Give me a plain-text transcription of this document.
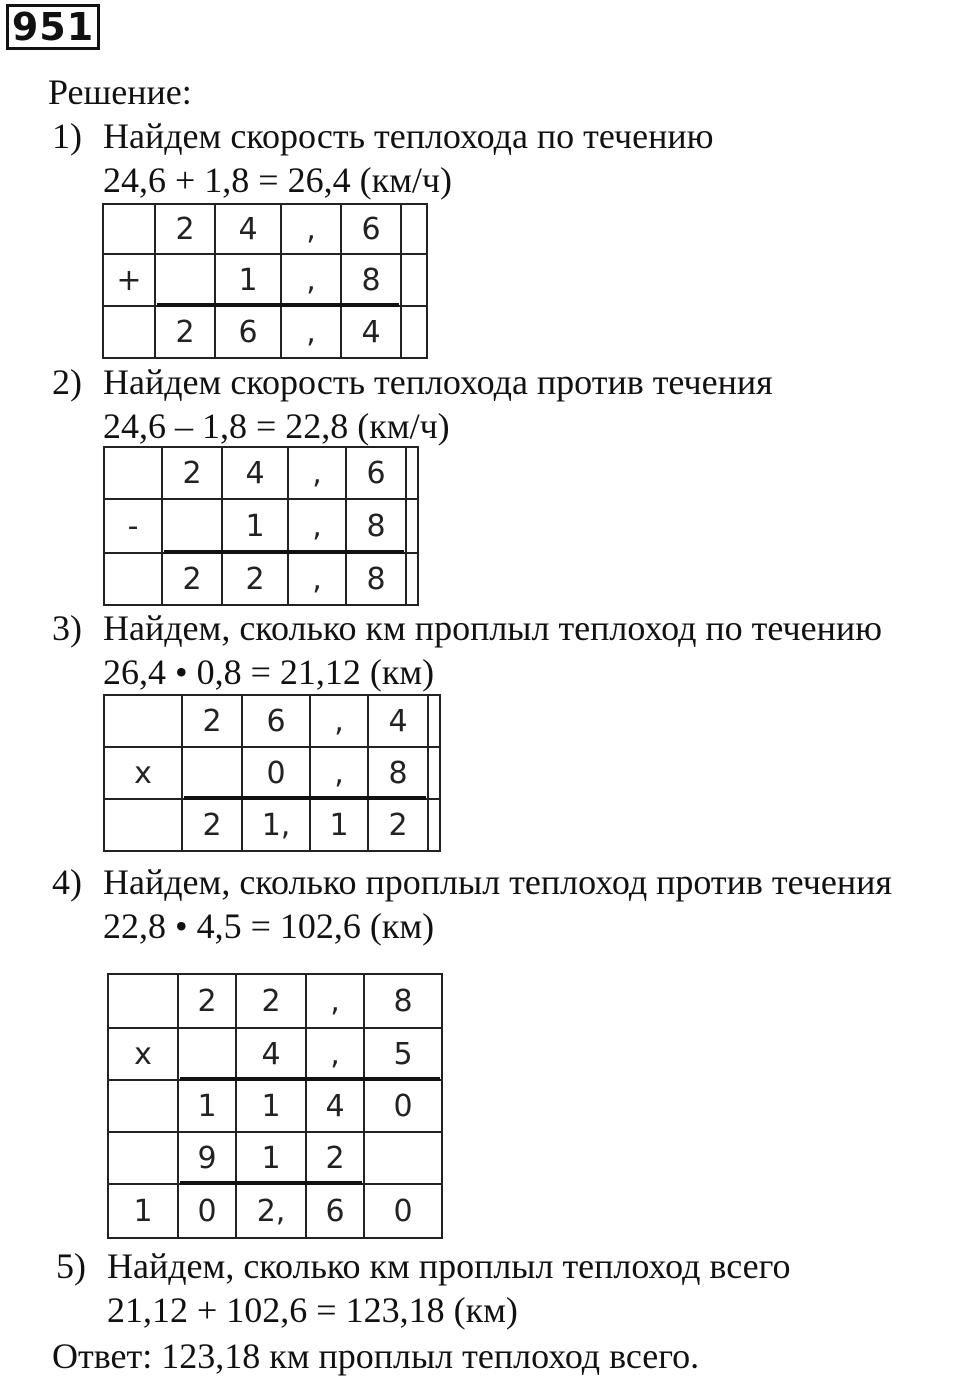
951
Решение:
1) Найдем скорость теплохода по течению
24,6 + 1,8 = 26,4 (км/ч)
	2	4	,	6	
+		1	,	8	
	2	6	,	4	
2) Найдем скорость теплохода против течения
24,6 – 1,8 = 22,8 (км/ч)
	2	4	,	6	
-		1	,	8	
	2	2	,	8	
3) Найдем, сколько км проплыл теплоход по течению
26,4 • 0,8 = 21,12 (км)
	2	6	,	4	
x		0	,	8	
	2	1,	1	2	
4) Найдем, сколько проплыл теплоход против течения
22,8 • 4,5 = 102,6 (км)
	2	2	,	8
x		4	,	5
	1	1	4	0
	9	1	2	
1	0	2,	6	0
5) Найдем, сколько км проплыл теплоход всего
21,12 + 102,6 = 123,18 (км)
Ответ: 123,18 км проплыл теплоход всего.
